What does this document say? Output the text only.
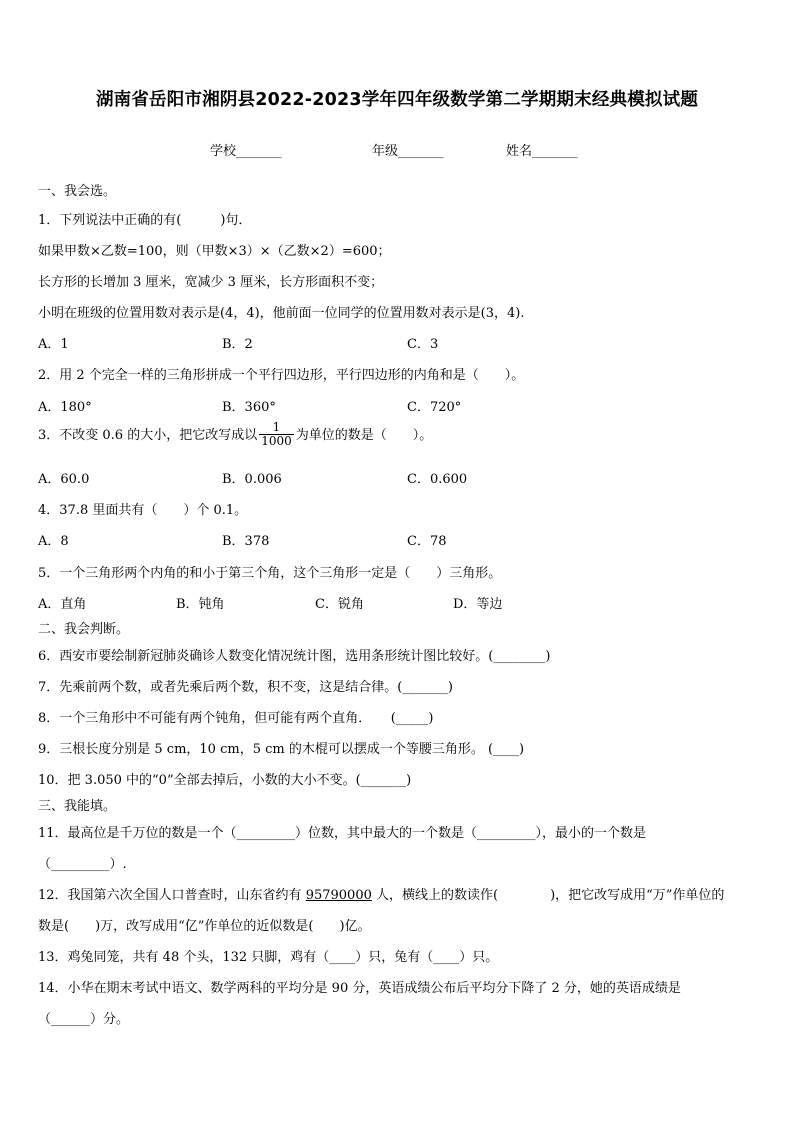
湖南省岳阳市湘阴县2022-2023学年四年级数学第二学期期末经典模拟试题
学校_______	年级_______	姓名_______
一、我会选。
1．下列说法中正确的有(　　　)句．
如果甲数×乙数=100，则（甲数×3）×（乙数×2）=600；
长方形的长增加 3 厘米，宽减少 3 厘米，长方形面积不变；
小明在班级的位置用数对表示是(4，4)，他前面一位同学的位置用数对表示是(3，4).
A．1	B．2	C．3
2．用 2 个完全一样的三角形拼成一个平行四边形，平行四边形的内角和是（　　）。
A．180°	B．360°	C．720°
3．不改变 0.6 的大小，把它改写成以 $\frac{1}{1000}$ 为单位的数是（　　）。
A．60.0	B．0.006	C．0.600
4．37.8 里面共有（　　）个 0.1。
A．8	B．378	C．78
5．一个三角形两个内角的和小于第三个角，这个三角形一定是（　　）三角形。
A．直角	B．钝角	C．锐角	D．等边
二、我会判断。
6．西安市要绘制新冠肺炎确诊人数变化情况统计图，选用条形统计图比较好。(________)
7．先乘前两个数，或者先乘后两个数，积不变，这是结合律。(_______)
8．一个三角形中不可能有两个钝角，但可能有两个直角．　　(_____)
9．三根长度分别是 5 cm，10 cm，5 cm 的木棍可以摆成一个等腰三角形。 (____)
10．把 3.050 中的“0”全部去掉后，小数的大小不变。(_______)
三、我能填。
11．最高位是千万位的数是一个（_________）位数，其中最大的一个数是（_________），最小的一个数是
（_________）.
12．我国第六次全国人口普查时，山东省约有 95790000 人，横线上的数读作(　　　　)，把它改写成用“万”作单位的
数是(　　)万，改写成用“亿”作单位的近似数是(　　)亿。
13．鸡兔同笼，共有 48 个头，132 只脚，鸡有（____）只，兔有（____）只。
14．小华在期末考试中语文、数学两科的平均分是 90 分，英语成绩公布后平均分下降了 2 分，她的英语成绩是
（______）分。
